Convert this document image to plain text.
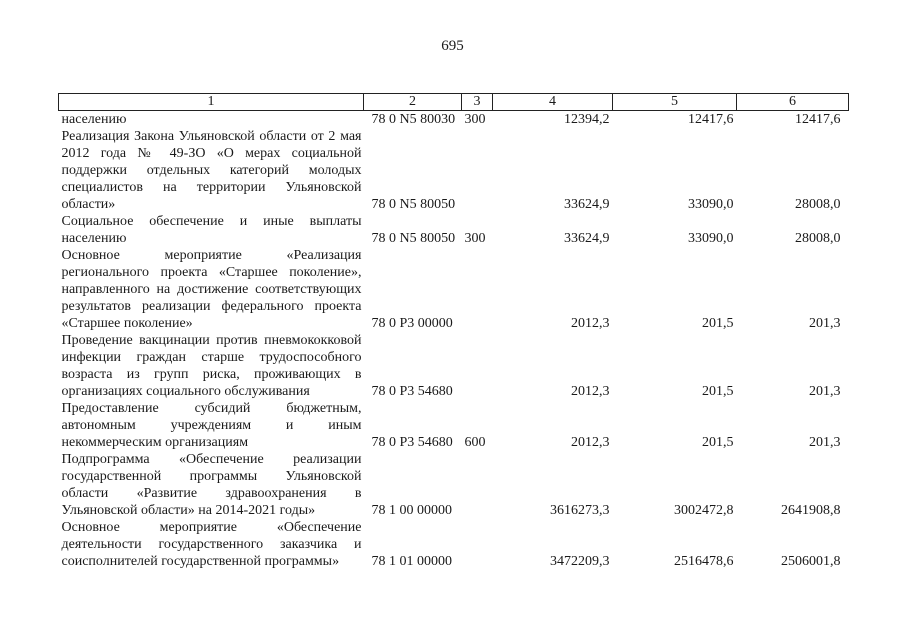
695
1	2	3	4	5	6
населению	78 0 N5 80030	300	12394,2	12417,6	12417,6
Реализация Закона Ульяновской области от 2 мая 2012 года № 49-ЗО «О мерах социальной поддержки отдельных категорий молодых специалистов на территории Ульяновской области»	78 0 N5 80050		33624,9	33090,0	28008,0
Социальное обеспечение и иные выплаты населению	78 0 N5 80050	300	33624,9	33090,0	28008,0
Основное мероприятие «Реализация регионального проекта «Старшее поколение», направленного на достижение соответствующих результатов реализации федерального проекта «Старшее поколение»	78 0 P3 00000		2012,3	201,5	201,3
Проведение вакцинации против пневмококковой инфекции граждан старше трудоспособного возраста из групп риска, проживающих в организациях социального обслуживания	78 0 P3 54680		2012,3	201,5	201,3
Предоставление субсидий бюджетным, автономным учреждениям и иным некоммерческим организациям	78 0 P3 54680	600	2012,3	201,5	201,3
Подпрограмма «Обеспечение реализации государственной программы Ульяновской области «Развитие здравоохранения в Ульяновской области» на 2014-2021 годы»	78 1 00 00000		3616273,3	3002472,8	2641908,8
Основное мероприятие «Обеспечение деятельности государственного заказчика и соисполнителей государственной программы»	78 1 01 00000		3472209,3	2516478,6	2506001,8
